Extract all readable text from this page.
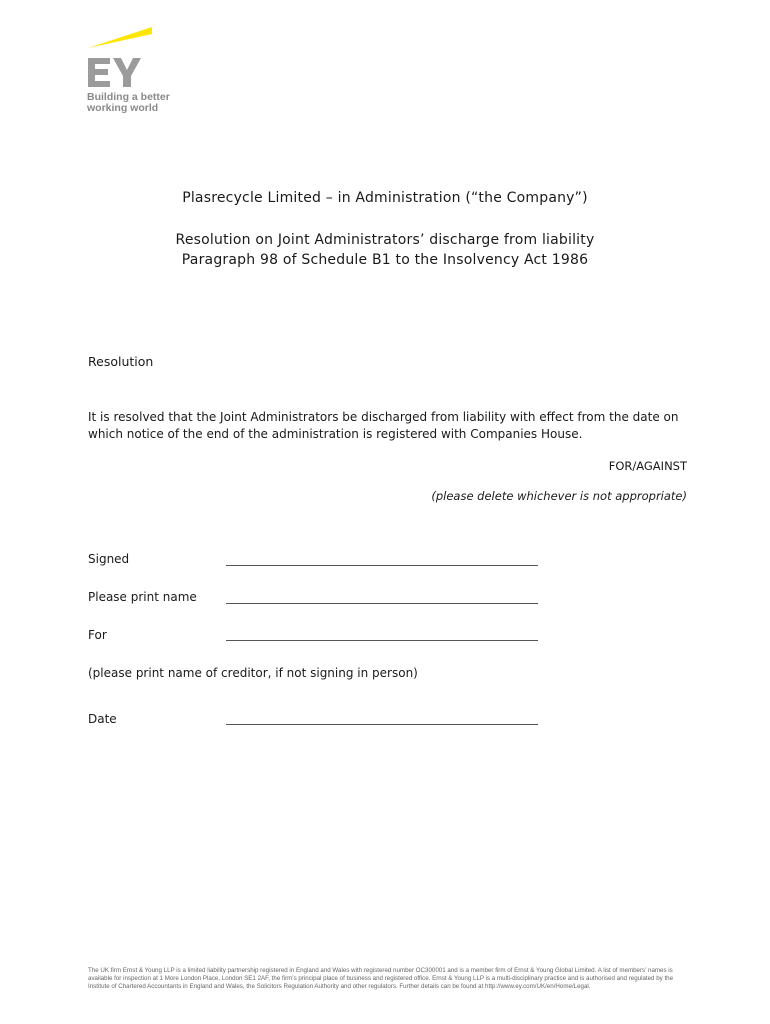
Building a better
working world
Plasrecycle Limited – in Administration (“the Company”)
Resolution on Joint Administrators’ discharge from liability
Paragraph 98 of Schedule B1 to the Insolvency Act 1986
Resolution
It is resolved that the Joint Administrators be discharged from liability with effect from the date on which notice of the end of the administration is registered with Companies House.
FOR/AGAINST
(please delete whichever is not appropriate)
Signed
Please print name
For
(please print name of creditor, if not signing in person)
Date
The UK firm Ernst & Young LLP is a limited liability partnership registered in England and Wales with registered number OC300001 and is a member firm of Ernst & Young Global Limited. A list of members’ names is available for inspection at 1 More London Place, London SE1 2AF, the firm’s principal place of business and registered office. Ernst & Young LLP is a multi-disciplinary practice and is authorised and regulated by the Institute of Chartered Accountants in England and Wales, the Solicitors Regulation Authority and other regulators. Further details can be found at http://www.ey.com/UK/en/Home/Legal.
